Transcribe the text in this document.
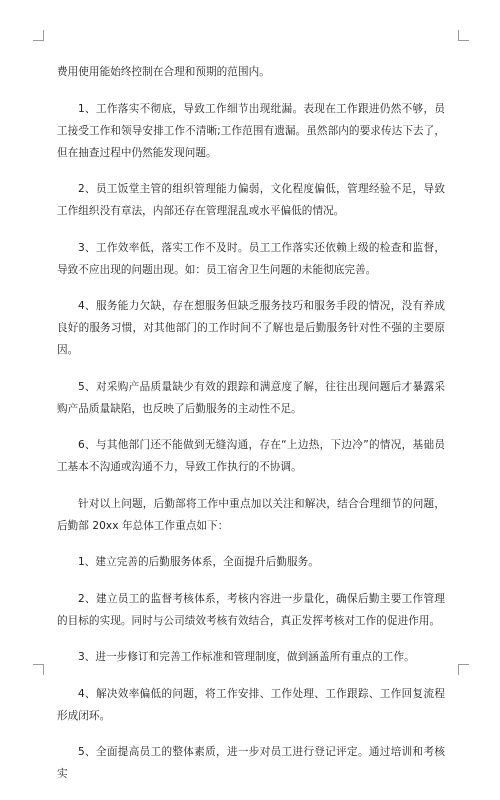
费用使用能始终控制在合理和预期的范围内。

1、工作落实不彻底，导致工作细节出现纰漏。表现在工作跟进仍然不够，员工接受工作和领导安排工作不清晰;工作范围有遗漏。虽然部内的要求传达下去了，但在抽查过程中仍然能发现问题。

2、员工饭堂主管的组织管理能力偏弱，文化程度偏低，管理经验不足，导致工作组织没有章法，内部还存在管理混乱或水平偏低的情况。

3、工作效率低，落实工作不及时。员工工作落实还依赖上级的检查和监督，导致不应出现的问题出现。如：员工宿舍卫生问题的未能彻底完善。

4、服务能力欠缺，存在想服务但缺乏服务技巧和服务手段的情况，没有养成良好的服务习惯，对其他部门的工作时间不了解也是后勤服务针对性不强的主要原因。

5、对采购产品质量缺少有效的跟踪和满意度了解，往往出现问题后才暴露采购产品质量缺陷，也反映了后勤服务的主动性不足。

6、与其他部门还不能做到无缝沟通，存在“上边热，下边冷”的情况，基础员工基本不沟通或沟通不力，导致工作执行的不协调。

针对以上问题，后勤部将工作中重点加以关注和解决，结合合理细节的问题，后勤部 20xx 年总体工作重点如下：

1、建立完善的后勤服务体系，全面提升后勤服务。

2、建立员工的监督考核体系，考核内容进一步量化，确保后勤主要工作管理的目标的实现。同时与公司绩效考核有效结合，真正发挥考核对工作的促进作用。

3、进一步修订和完善工作标准和管理制度，做到涵盖所有重点的工作。

4、解决效率偏低的问题，将工作安排、工作处理、工作跟踪、工作回复流程形成闭环。

5、全面提高员工的整体素质，进一步对员工进行登记评定。通过培训和考核实
